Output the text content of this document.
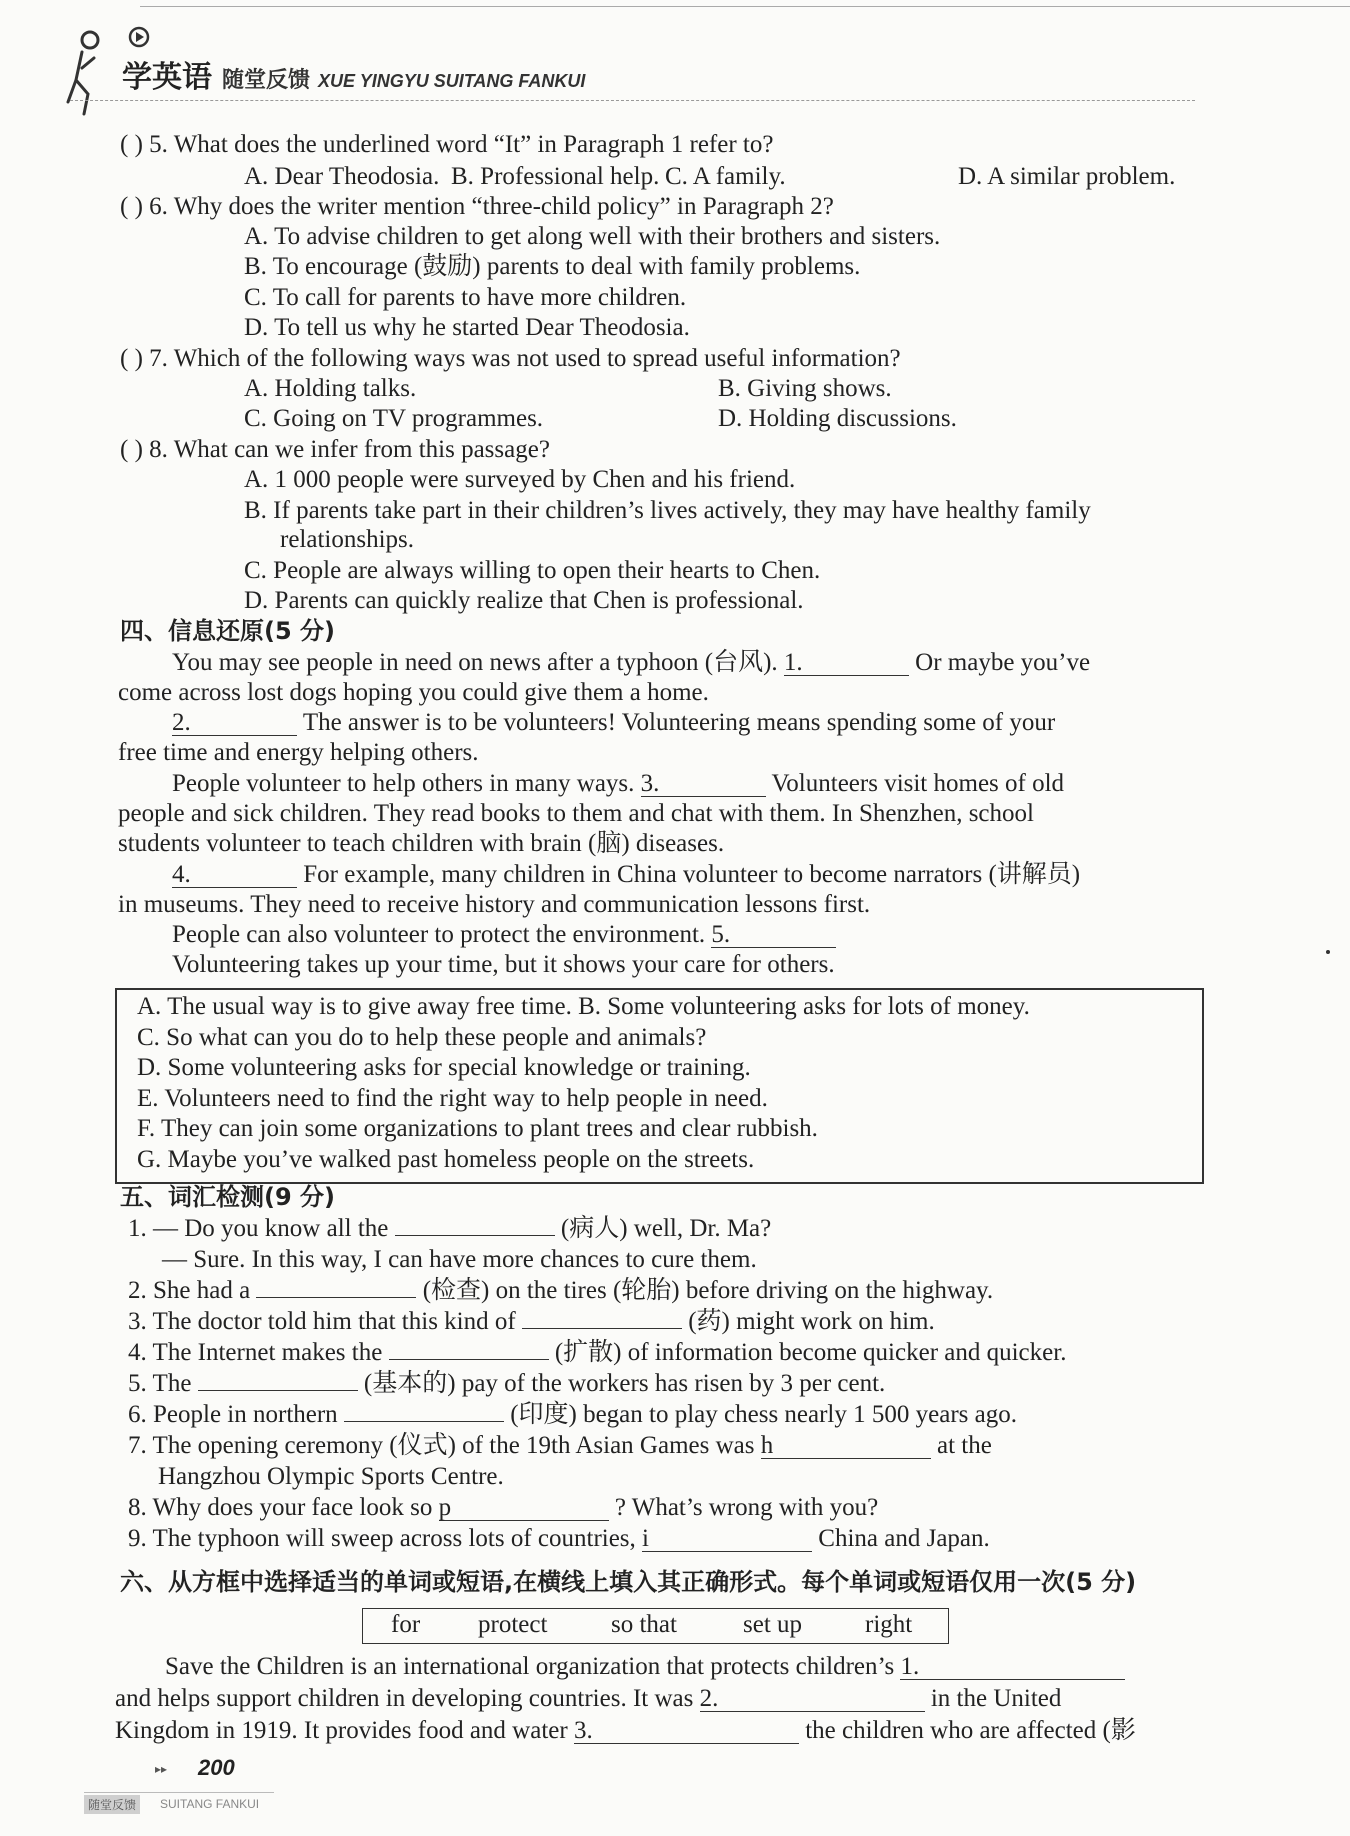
学英语 随堂反馈 XUE YINGYU SUITANG FANKUI
( ) 5. What does the underlined word “It” in Paragraph 1 refer to?
A. Dear Theodosia. B. Professional help. C. A family.	D. A similar problem.
( ) 6. Why does the writer mention “three-child policy” in Paragraph 2?
A. To advise children to get along well with their brothers and sisters.
B. To encourage (鼓励) parents to deal with family problems.
C. To call for parents to have more children.
D. To tell us why he started Dear Theodosia.
( ) 7. Which of the following ways was not used to spread useful information?
A. Holding talks.	B. Giving shows.
C. Going on TV programmes.	D. Holding discussions.
( ) 8. What can we infer from this passage?
A. 1 000 people were surveyed by Chen and his friend.
B. If parents take part in their children’s lives actively, they may have healthy family
relationships.
C. People are always willing to open their hearts to Chen.
D. Parents can quickly realize that Chen is professional.
四、信息还原(5 分)
You may see people in need on news after a typhoon (台风). 1.	Or maybe you’ve
come across lost dogs hoping you could give them a home.
2.	The answer is to be volunteers! Volunteering means spending some of your
free time and energy helping others.
People volunteer to help others in many ways. 3.	Volunteers visit homes of old
people and sick children. They read books to them and chat with them. In Shenzhen, school
students volunteer to teach children with brain (脑) diseases.
4.	For example, many children in China volunteer to become narrators (讲解员)
in museums. They need to receive history and communication lessons first.
People can also volunteer to protect the environment. 5.
Volunteering takes up your time, but it shows your care for others.
A. The usual way is to give away free time. B. Some volunteering asks for lots of money.
C. So what can you do to help these people and animals?
D. Some volunteering asks for special knowledge or training.
E. Volunteers need to find the right way to help people in need.
F. They can join some organizations to plant trees and clear rubbish.
G. Maybe you’ve walked past homeless people on the streets.
五、词汇检测(9 分)
1. — Do you know all the	(病人) well, Dr. Ma?
— Sure. In this way, I can have more chances to cure them.
2. She had a	(检查) on the tires (轮胎) before driving on the highway.
3. The doctor told him that this kind of	(药) might work on him.
4. The Internet makes the	(扩散) of information become quicker and quicker.
5. The	(基本的) pay of the workers has risen by 3 per cent.
6. People in northern	(印度) began to play chess nearly 1 500 years ago.
7. The opening ceremony (仪式) of the 19th Asian Games was h	at the
Hangzhou Olympic Sports Centre.
8. Why does your face look so p	? What’s wrong with you?
9. The typhoon will sweep across lots of countries, i	China and Japan.
六、从方框中选择适当的单词或短语,在横线上填入其正确形式。每个单词或短语仅用一次(5 分)
for protect	so that	set up	right
Save the Children is an international organization that protects children’s 1.
and helps support children in developing countries. It was 2.	in the United
Kingdom in 1919. It provides food and water 3.	the children who are affected (影
▸▸ 200
随堂反馈	SUITANG FANKUI
